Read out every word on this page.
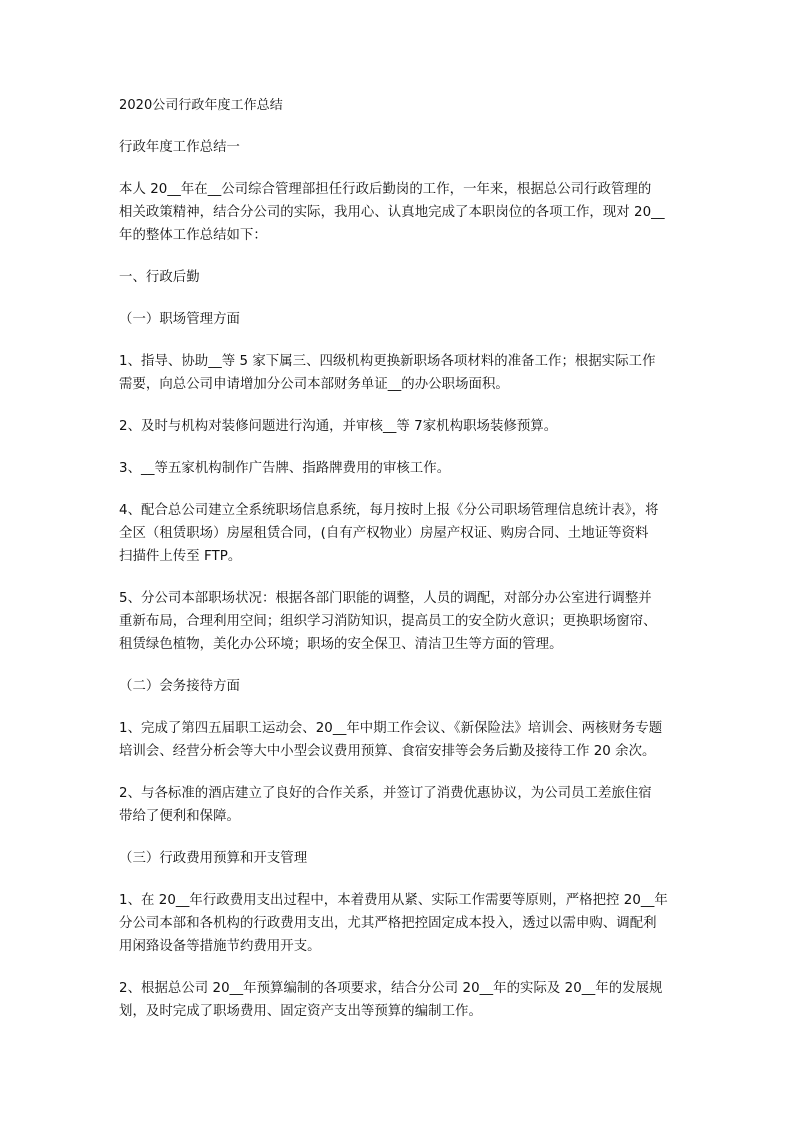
2020公司行政年度工作总结
行政年度工作总结一
本人 20__年在__公司综合管理部担任行政后勤岗的工作，一年来，根据总公司行政管理的
相关政策精神，结合分公司的实际，我用心、认真地完成了本职岗位的各项工作，现对 20__
年的整体工作总结如下：
一、行政后勤
（一）职场管理方面
1、指导、协助__等 5 家下属三、四级机构更换新职场各项材料的准备工作；根据实际工作
需要，向总公司申请增加分公司本部财务单证__的办公职场面积。
2、及时与机构对装修问题进行沟通，并审核__等 7家机构职场装修预算。
3、__等五家机构制作广告牌、指路牌费用的审核工作。
4、配合总公司建立全系统职场信息系统，每月按时上报《分公司职场管理信息统计表》，将
全区（租赁职场）房屋租赁合同，(自有产权物业）房屋产权证、购房合同、土地证等资料
扫描件上传至 FTP。
5、分公司本部职场状况：根据各部门职能的调整，人员的调配，对部分办公室进行调整并
重新布局，合理利用空间；组织学习消防知识，提高员工的安全防火意识；更换职场窗帘、
租赁绿色植物，美化办公环境；职场的安全保卫、清洁卫生等方面的管理。
（二）会务接待方面
1、完成了第四五届职工运动会、20__年中期工作会议、《新保险法》培训会、两核财务专题
培训会、经营分析会等大中小型会议费用预算、食宿安排等会务后勤及接待工作 20 余次。
2、与各标准的酒店建立了良好的合作关系，并签订了消费优惠协议，为公司员工差旅住宿
带给了便利和保障。
（三）行政费用预算和开支管理
1、在 20__年行政费用支出过程中，本着费用从紧、实际工作需要等原则，严格把控 20__年
分公司本部和各机构的行政费用支出，尤其严格把控固定成本投入，透过以需申购、调配利
用闲臵设备等措施节约费用开支。
2、根据总公司 20__年预算编制的各项要求，结合分公司 20__年的实际及 20__年的发展规
划，及时完成了职场费用、固定资产支出等预算的编制工作。
